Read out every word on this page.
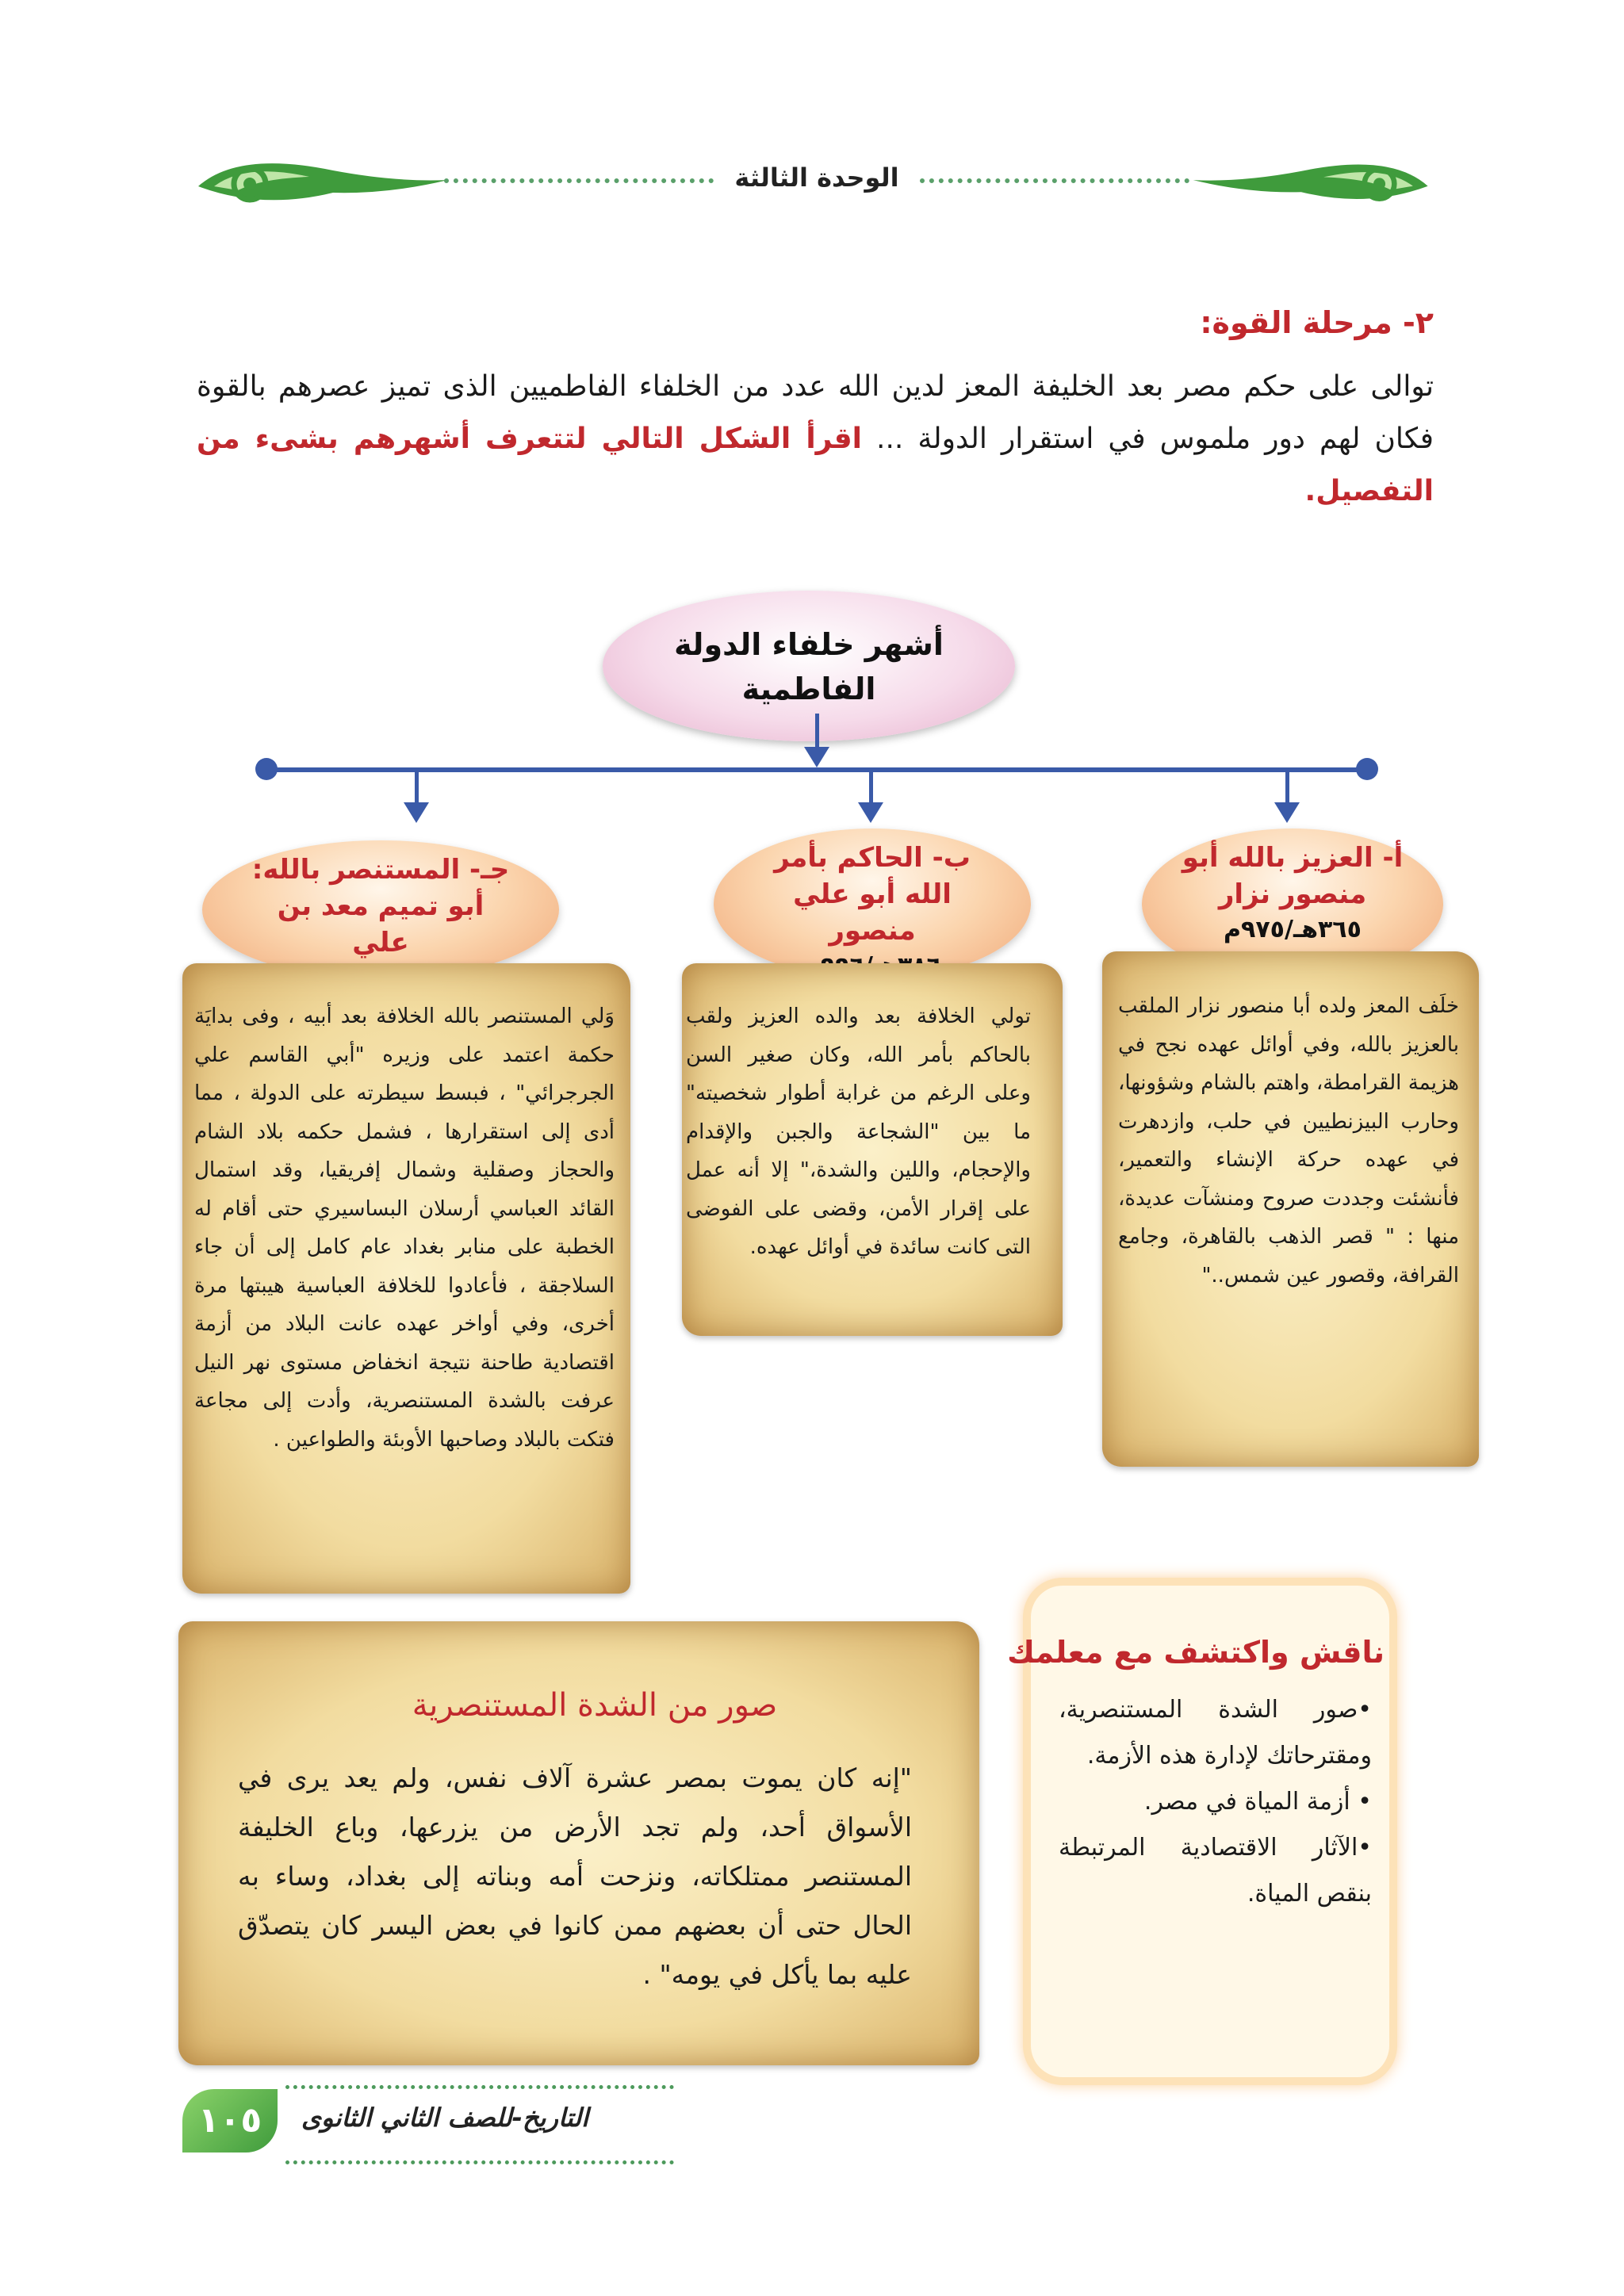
الوحدة الثالثة
٢- مرحلة القوة:
توالى على حكم مصر بعد الخليفة المعز لدين الله عدد من الخلفاء الفاطميين الذى تميز عصرهم بالقوة فكان لهم دور ملموس في استقرار الدولة ... اقرأ الشكل التالي لتتعرف أشهرهم بشىء من التفصيل.
أشهر خلفاء الدولة الفاطمية
أ- العزيز بالله أبو منصور نزار
٣٦٥هـ/٩٧٥م
ب- الحاكم بأمر الله أبو علي منصور
جـ- المستنصر بالله: أبو تميم معد بن علي
خلَف المعز ولده أبا منصور نزار الملقب بالعزيز بالله، وفي أوائل عهده نجح في هزيمة القرامطة، واهتم بالشام وشؤونها، وحارب البيزنطيين في حلب، وازدهرت في عهده حركة الإنشاء والتعمير، فأنشئت وجددت صروح ومنشآت عديدة، منها : " قصر الذهب بالقاهرة، وجامع القرافة، وقصور عين شمس.."
تولي الخلافة بعد والده العزيز ولقب بالحاكم بأمر الله، وكان صغير السن وعلى الرغم من غرابة أطوار شخصيته" ما بين "الشجاعة والجبن والإقدام والإحجام، واللين والشدة،" إلا أنه عمل على إقرار الأمن، وقضى على الفوضى التى كانت سائدة في أوائل عهده.
وَلي المستنصر بالله الخلافة بعد أبيه ، وفى بدايَة حكمة اعتمد على وزيره "أبي القاسم علي الجرجرائي" ، فبسط سيطرته على الدولة ، مما أدى إلى استقرارها ، فشمل حكمه بلاد الشام والحجاز وصقلية وشمال إفريقيا، وقد استمال القائد العباسي أرسلان البساسيري حتى أقام له الخطبة على منابر بغداد عام كامل إلى أن جاء السلاجقة ، فأعادوا للخلافة العباسية هيبتها مرة أخرى، وفي أواخر عهده عانت البلاد من أزمة اقتصادية طاحنة نتيجة انخفاض مستوى نهر النيل عرفت بالشدة المستنصرية، وأدت إلى مجاعة فتكت بالبلاد وصاحبها الأوبئة والطواعين .
صور من الشدة المستنصرية
"إنه كان يموت بمصر عشرة آلاف نفس، ولم يعد يرى في الأسواق أحد، ولم تجد الأرض من يزرعها، وباع الخليفة المستنصر ممتلكاته، ونزحت أمه وبناته إلى بغداد، وساء به الحال حتى أن بعضهم ممن كانوا في بعض اليسر كان يتصدّق عليه بما يأكل في يومه" .
ناقش واكتشف مع معلمك
•صور الشدة المستنصرية، ومقترحاتك لإدارة هذه الأزمة.
• أزمة المياة في مصر.
•الآثار الاقتصادية المرتبطة بنقص المياة.
١٠٥	التاريخ-للصف الثاني الثانوى
